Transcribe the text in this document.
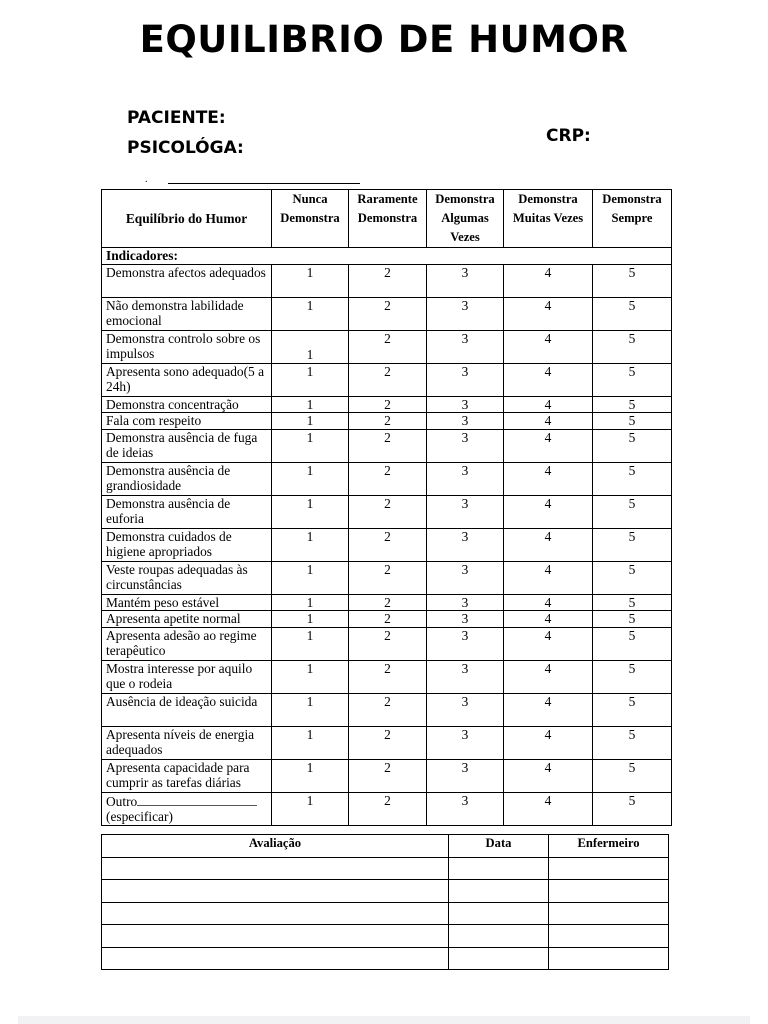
EQUILIBRIO DE HUMOR
PACIENTE:
PSICOLÓGA:
CRP:
.
Equilíbrio do Humor	Nunca Demonstra	Raramente Demonstra	Demonstra Algumas Vezes	Demonstra Muitas Vezes	Demonstra Sempre
Indicadores:					
Demonstra afectos adequados	1	2	3	4	5
Não demonstra labilidade emocional	1	2	3	4	5
Demonstra controlo sobre os impulsos	1	2	3	4	5
Apresenta sono adequado(5 a 24h)	1	2	3	4	5
Demonstra concentração	1	2	3	4	5
Fala com respeito	1	2	3	4	5
Demonstra ausência de fuga de ideias	1	2	3	4	5
Demonstra ausência de grandiosidade	1	2	3	4	5
Demonstra ausência de euforia	1	2	3	4	5
Demonstra cuidados de higiene apropriados	1	2	3	4	5
Veste roupas adequadas às circunstâncias	1	2	3	4	5
Mantém peso estável	1	2	3	4	5
Apresenta apetite normal	1	2	3	4	5
Apresenta adesão ao regime terapêutico	1	2	3	4	5
Mostra interesse por aquilo que o rodeia	1	2	3	4	5
Ausência de ideação suicida	1	2	3	4	5
Apresenta níveis de energia adequados	1	2	3	4	5
Apresenta capacidade para cumprir as tarefas diárias	1	2	3	4	5
Outro
(especificar)	1	2	3	4	5
Avaliação	Data	Enfermeiro
